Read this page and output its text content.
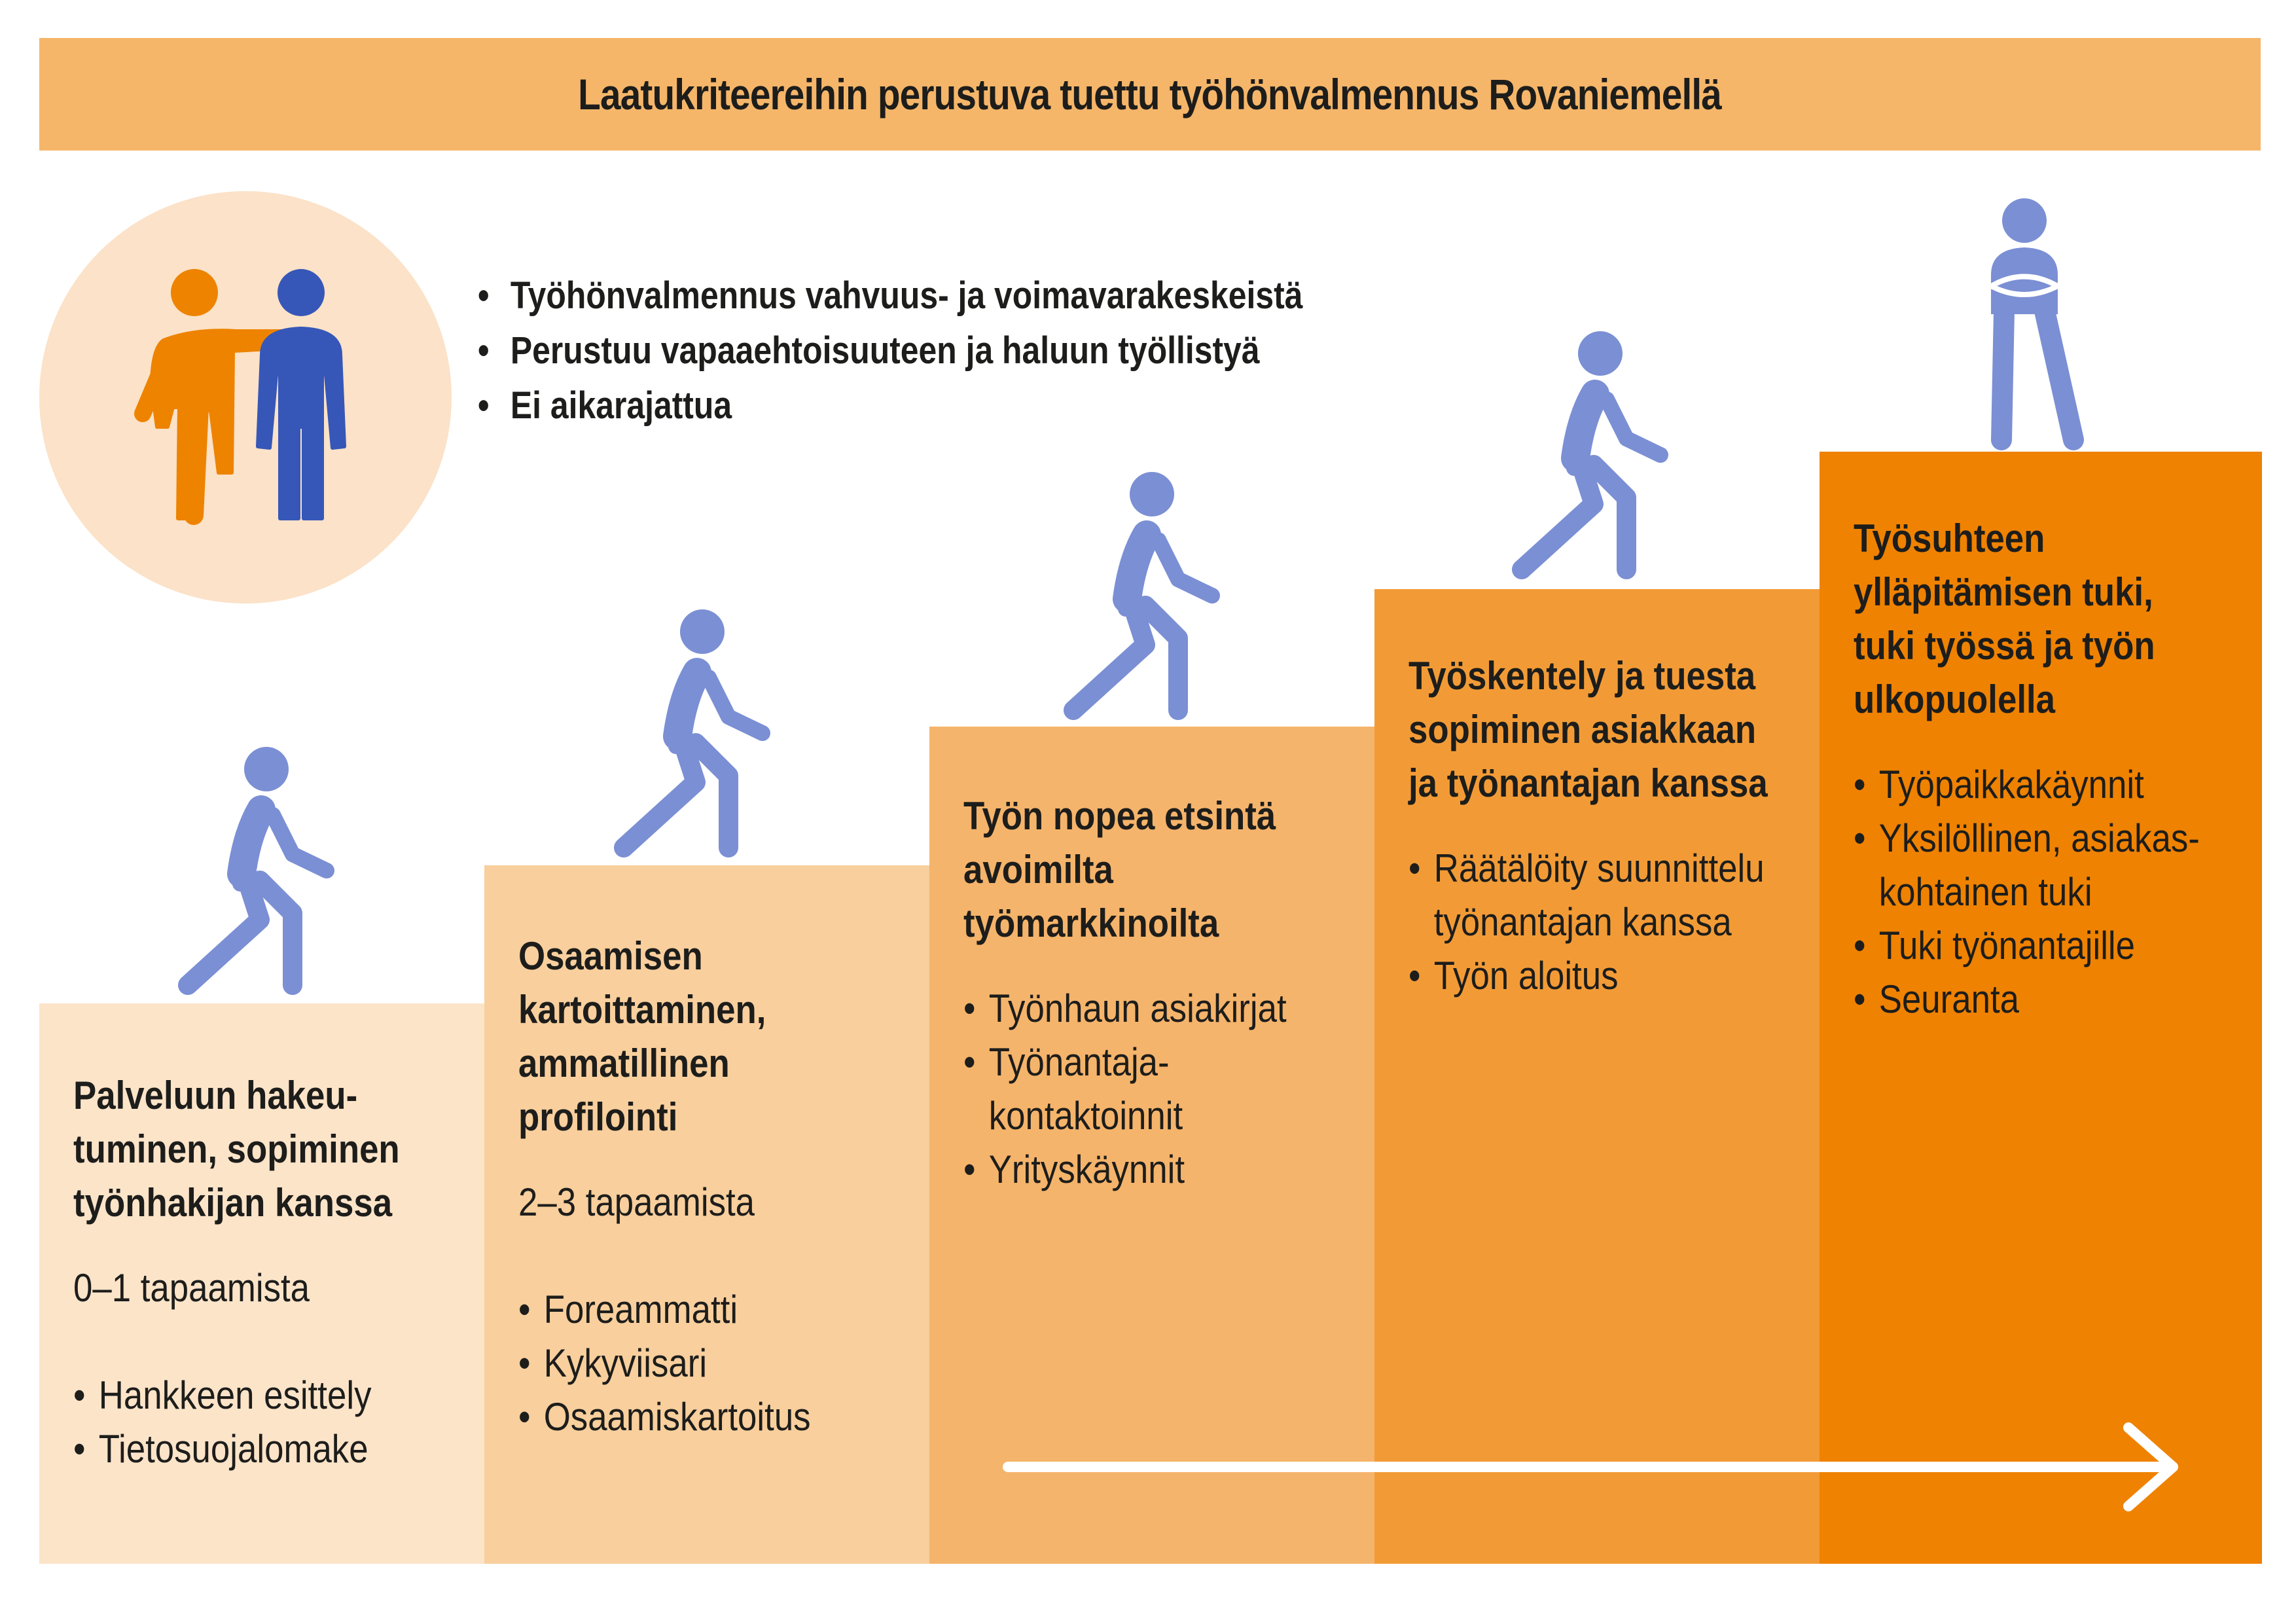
Laatukriteereihin perustuva tuettu työhönvalmennus Rovaniemellä
• Työhönvalmennus vahvuus- ja voimavarakeskeistä
• Perustuu vapaaehtoisuuteen ja haluun työllistyä
• Ei aikarajattua

Palveluun hakeutuminen, sopiminen työnhakijan kanssa

0–1 tapaamista

• Hankkeen esittely
• Tietosuojalomake

Osaamisen kartoittaminen, ammatillinen profilointi

2–3 tapaamista

• Foreammatti
• Kykyviisari
• Osaamiskartoitus

Työn nopea etsintä avoimilta työmarkkinoilta

• Työnhaun asiakirjat
• Työnantaja-kontaktoinnit
• Yrityskäynnit

Työskentely ja tuesta sopiminen asiakkaan ja työnantajan kanssa

• Räätälöity suunnittelu työnantajan kanssa
• Työn aloitus

Työsuhteen ylläpitämisen tuki, tuki työssä ja työn ulkopuolella

• Työpaikkakäynnit
• Yksilöllinen, asiakas-kohtainen tuki
• Tuki työnantajille
• Seuranta
